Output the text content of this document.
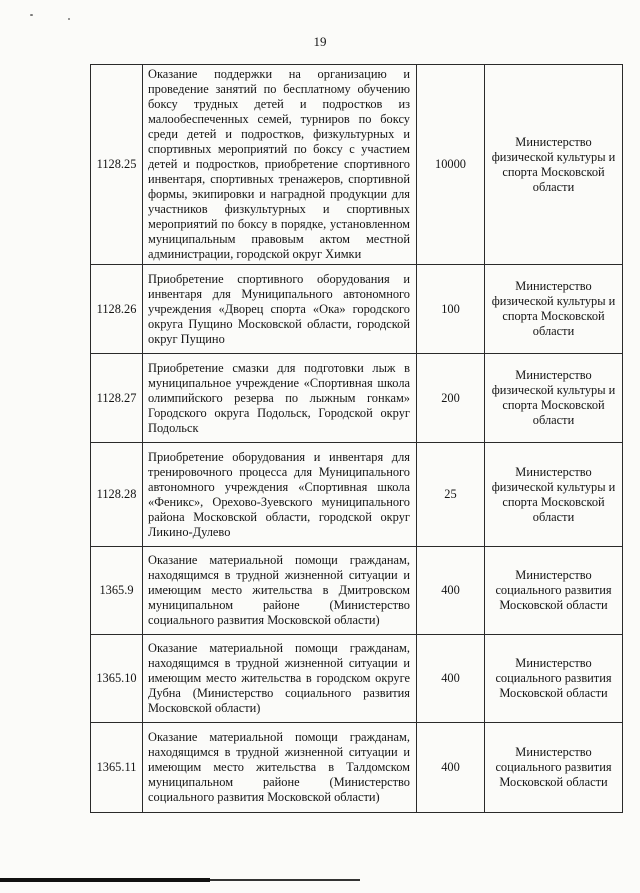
19
1128.25	Оказание поддержки на организацию и проведение занятий по бесплатному обучению боксу трудных детей и подростков из малообеспеченных семей, турниров по боксу среди детей и подростков, физкультурных и спортивных мероприятий по боксу с участием детей и подростков, приобретение спортивного инвентаря, спортивных тренажеров, спортивной формы, экипировки и наградной продукции для участников физкультурных и спортивных мероприятий по боксу в порядке, установленном муниципальным правовым актом местной администрации, городской округ Химки	10000	Министерство физической культуры и спорта Московской области
1128.26	Приобретение спортивного оборудования и инвентаря для Муниципального автономного учреждения «Дворец спорта «Ока» городского округа Пущино Московской области, городской округ Пущино	100	Министерство физической культуры и спорта Московской области
1128.27	Приобретение смазки для подготовки лыж в муниципальное учреждение «Спортивная школа олимпийского резерва по лыжным гонкам» Городского округа Подольск, Городской округ Подольск	200	Министерство физической культуры и спорта Московской области
1128.28	Приобретение оборудования и инвентаря для тренировочного процесса для Муниципального автономного учреждения «Спортивная школа «Феникс», Орехово-Зуевского муниципального района Московской области, городской округ Ликино-Дулево	25	Министерство физической культуры и спорта Московской области
1365.9	Оказание материальной помощи гражданам, находящимся в трудной жизненной ситуации и имеющим место жительства в Дмитровском муниципальном районе (Министерство социального развития Московской области)	400	Министерство социального развития Московской области
1365.10	Оказание материальной помощи гражданам, находящимся в трудной жизненной ситуации и имеющим место жительства в городском округе Дубна (Министерство социального развития Московской области)	400	Министерство социального развития Московской области
1365.11	Оказание материальной помощи гражданам, находящимся в трудной жизненной ситуации и имеющим место жительства в Талдомском муниципальном районе (Министерство социального развития Московской области)	400	Министерство социального развития Московской области
